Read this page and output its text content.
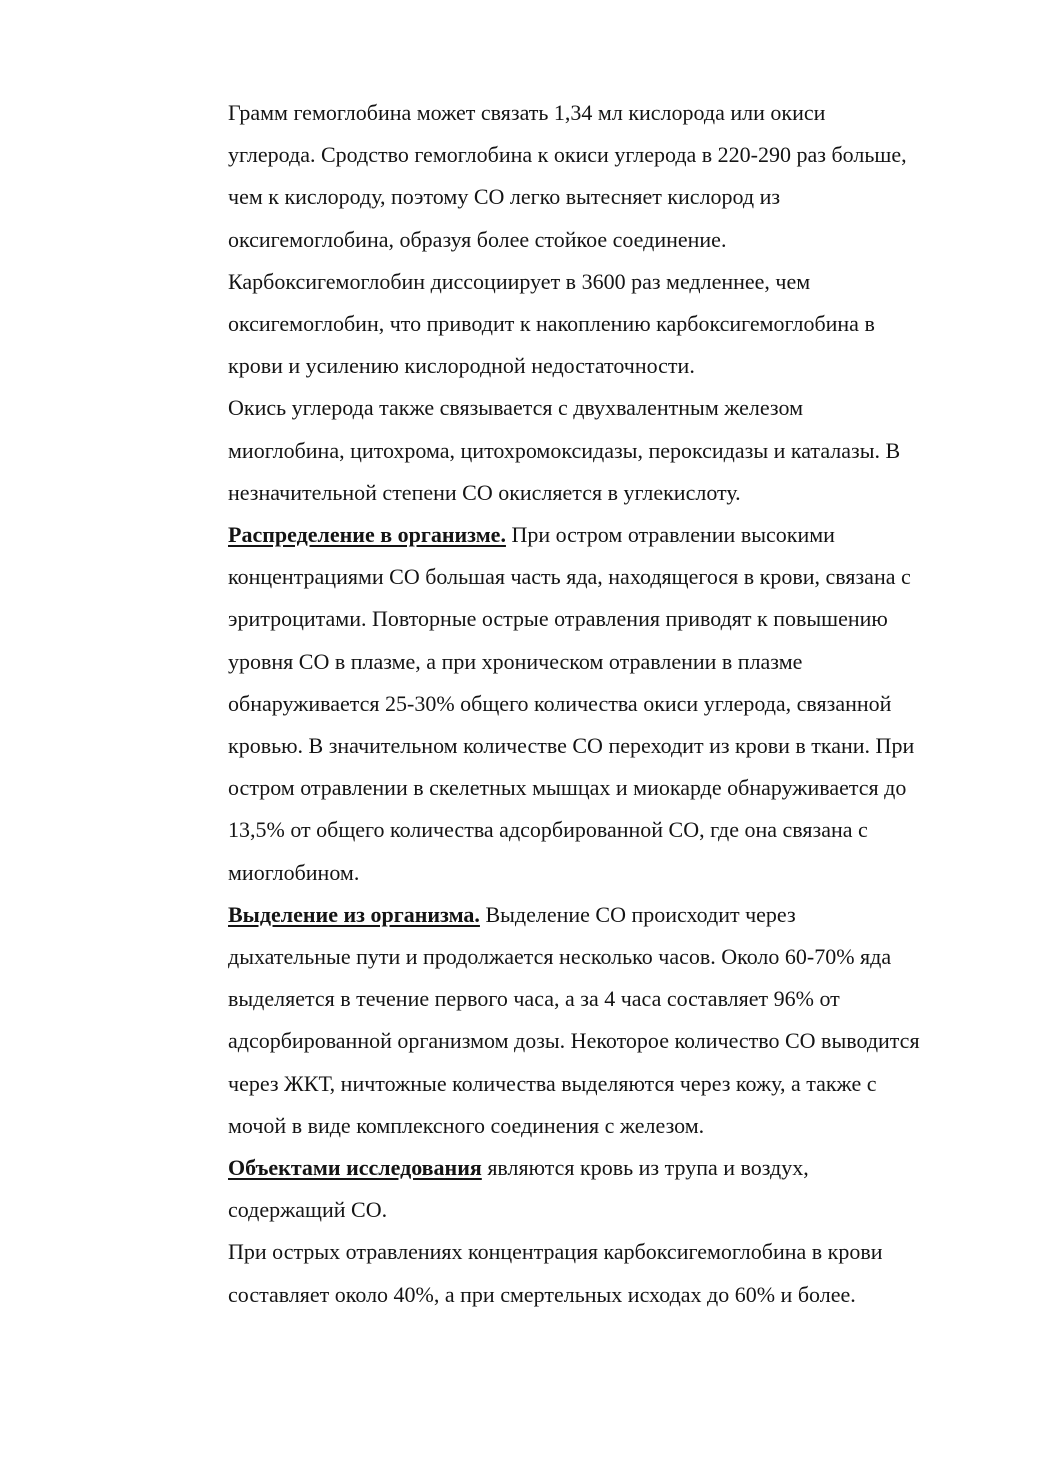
Грамм гемоглобина может связать 1,34 мл кислорода или окиси
углерода. Сродство гемоглобина к окиси углерода в 220-290 раз больше,
чем к кислороду, поэтому СО легко вытесняет кислород из
оксигемоглобина, образуя более стойкое соединение.
Карбоксигемоглобин диссоциирует в 3600 раз медленнее, чем
оксигемоглобин, что приводит к накоплению карбоксигемоглобина в
крови и усилению кислородной недостаточности.

Окись углерода также связывается с двухвалентным железом
миоглобина, цитохрома, цитохромоксидазы, пероксидазы и каталазы. В
незначительной степени СО окисляется в углекислоту.

Распределение в организме. При остром отравлении высокими
концентрациями СО большая часть яда, находящегося в крови, связана с
эритроцитами. Повторные острые отравления приводят к повышению
уровня СО в плазме, а при хроническом отравлении в плазме
обнаруживается 25-30% общего количества окиси углерода, связанной
кровью. В значительном количестве СО переходит из крови в ткани. При
остром отравлении в скелетных мышцах и миокарде обнаруживается до
13,5% от общего количества адсорбированной СО, где она связана с
миоглобином.

Выделение из организма. Выделение СО происходит через
дыхательные пути и продолжается несколько часов. Около 60-70% яда
выделяется в течение первого часа, а за 4 часа составляет 96% от
адсорбированной организмом дозы. Некоторое количество СО выводится
через ЖКТ, ничтожные количества выделяются через кожу, а также с
мочой в виде комплексного соединения с железом.

Объектами исследования являются кровь из трупа и воздух,
содержащий СО.

При острых отравлениях концентрация карбоксигемоглобина в крови
составляет около 40%, а при смертельных исходах до 60% и более.
